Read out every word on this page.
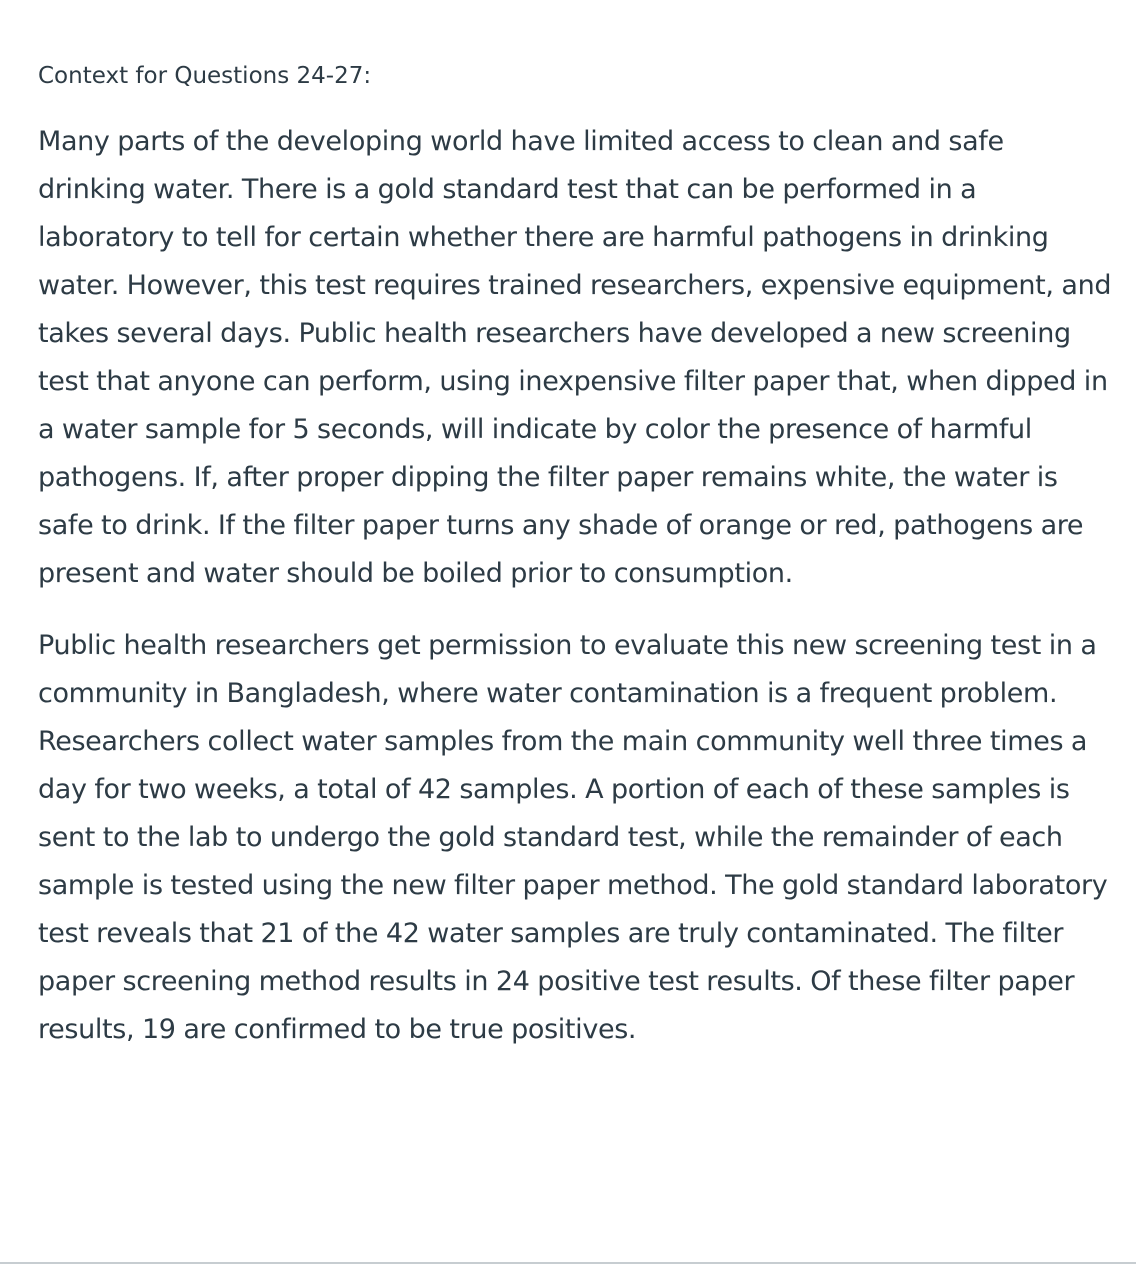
Context for Questions 24-27:

Many parts of the developing world have limited access to clean and safe drinking water. There is a gold standard test that can be performed in a laboratory to tell for certain whether there are harmful pathogens in drinking water. However, this test requires trained researchers, expensive equipment, and takes several days. Public health researchers have developed a new screening test that anyone can perform, using inexpensive filter paper that, when dipped in a water sample for 5 seconds, will indicate by color the presence of harmful pathogens. If, after proper dipping the filter paper remains white, the water is safe to drink. If the filter paper turns any shade of orange or red, pathogens are present and water should be boiled prior to consumption.

Public health researchers get permission to evaluate this new screening test in a community in Bangladesh, where water contamination is a frequent problem. Researchers collect water samples from the main community well three times a day for two weeks, a total of 42 samples. A portion of each of these samples is sent to the lab to undergo the gold standard test, while the remainder of each sample is tested using the new filter paper method. The gold standard laboratory test reveals that 21 of the 42 water samples are truly contaminated. The filter paper screening method results in 24 positive test results. Of these filter paper results, 19 are confirmed to be true positives.
